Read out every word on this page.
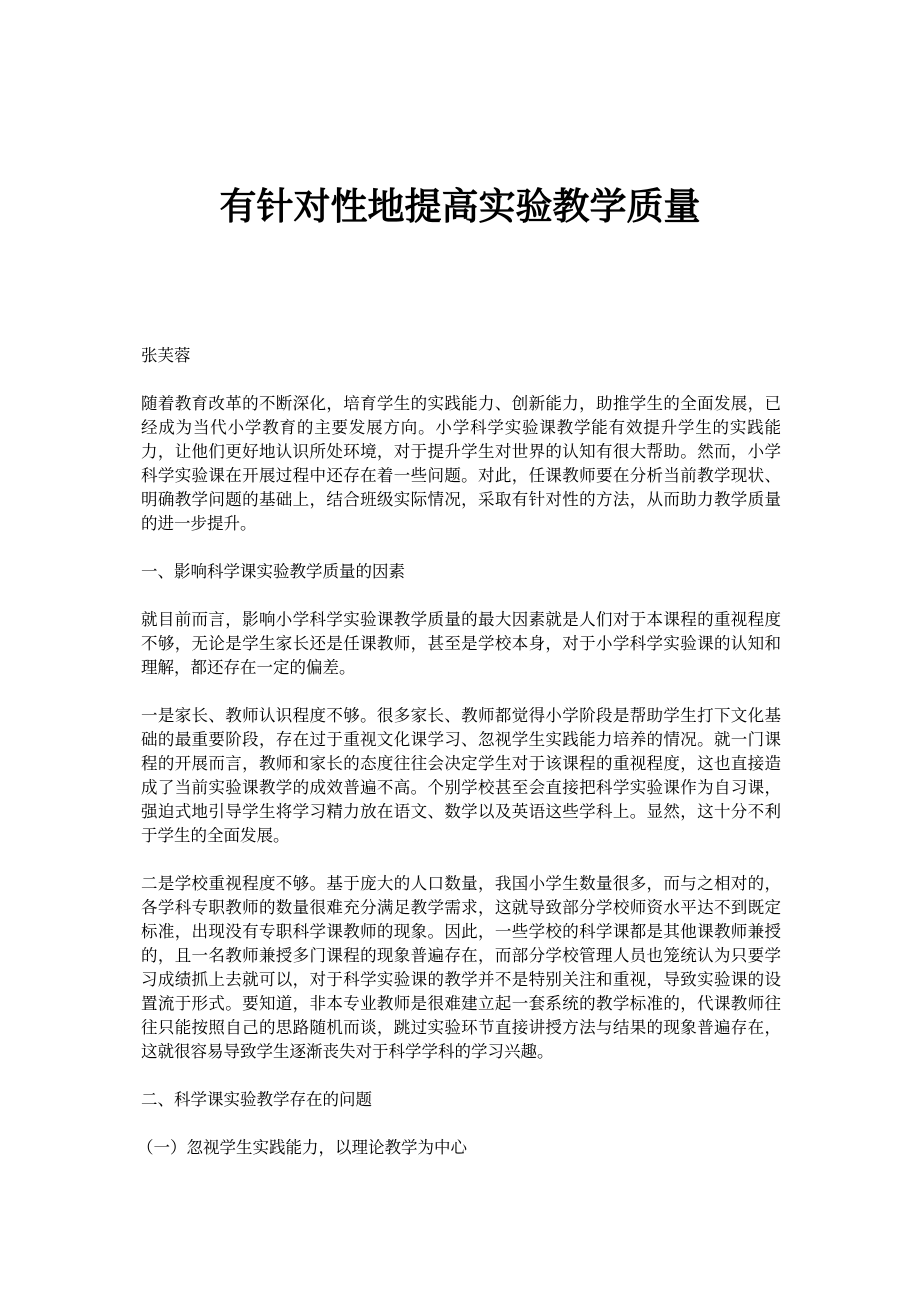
有针对性地提高实验教学质量

张芙蓉

随着教育改革的不断深化，培育学生的实践能力、创新能力，助推学生的全面发展，已经成为当代小学教育的主要发展方向。小学科学实验课教学能有效提升学生的实践能力，让他们更好地认识所处环境，对于提升学生对世界的认知有很大帮助。然而，小学科学实验课在开展过程中还存在着一些问题。对此，任课教师要在分析当前教学现状、明确教学问题的基础上，结合班级实际情况，采取有针对性的方法，从而助力教学质量的进一步提升。

一、影响科学课实验教学质量的因素

就目前而言，影响小学科学实验课教学质量的最大因素就是人们对于本课程的重视程度不够，无论是学生家长还是任课教师，甚至是学校本身，对于小学科学实验课的认知和理解，都还存在一定的偏差。

一是家长、教师认识程度不够。很多家长、教师都觉得小学阶段是帮助学生打下文化基础的最重要阶段，存在过于重视文化课学习、忽视学生实践能力培养的情况。就一门课程的开展而言，教师和家长的态度往往会决定学生对于该课程的重视程度，这也直接造成了当前实验课教学的成效普遍不高。个别学校甚至会直接把科学实验课作为自习课，强迫式地引导学生将学习精力放在语文、数学以及英语这些学科上。显然，这十分不利于学生的全面发展。

二是学校重视程度不够。基于庞大的人口数量，我国小学生数量很多，而与之相对的，各学科专职教师的数量很难充分满足教学需求，这就导致部分学校师资水平达不到既定标准，出现没有专职科学课教师的现象。因此，一些学校的科学课都是其他课教师兼授的，且一名教师兼授多门课程的现象普遍存在，而部分学校管理人员也笼统认为只要学习成绩抓上去就可以，对于科学实验课的教学并不是特别关注和重视，导致实验课的设置流于形式。要知道，非本专业教师是很难建立起一套系统的教学标准的，代课教师往往只能按照自己的思路随机而谈，跳过实验环节直接讲授方法与结果的现象普遍存在，这就很容易导致学生逐渐丧失对于科学学科的学习兴趣。

二、科学课实验教学存在的问题

（一）忽视学生实践能力，以理论教学为中心
